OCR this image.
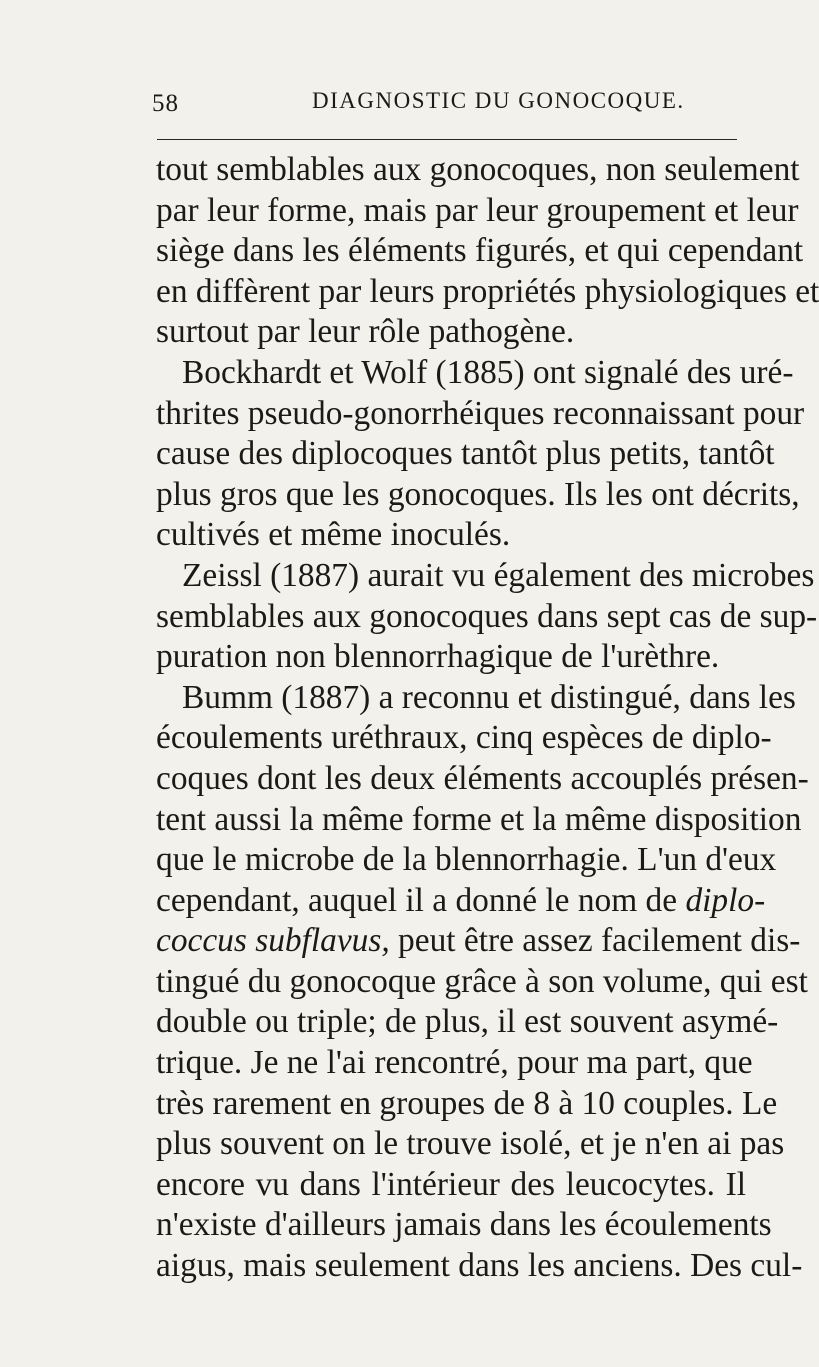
58	DIAGNOSTIC DU GONOCOQUE.
tout semblables aux gonocoques, non seulement
par leur forme, mais par leur groupement et leur
siège dans les éléments figurés, et qui cependant
en diffèrent par leurs propriétés physiologiques et
surtout par leur rôle pathogène.
Bockhardt et Wolf (1885) ont signalé des uré-
thrites pseudo-gonorrhéiques reconnaissant pour
cause des diplocoques tantôt plus petits, tantôt
plus gros que les gonocoques. Ils les ont décrits,
cultivés et même inoculés.
Zeissl (1887) aurait vu également des microbes
semblables aux gonocoques dans sept cas de sup-
puration non blennorrhagique de l'urèthre.
Bumm (1887) a reconnu et distingué, dans les
écoulements uréthraux, cinq espèces de diplo-
coques dont les deux éléments accouplés présen-
tent aussi la même forme et la même disposition
que le microbe de la blennorrhagie. L'un d'eux
cependant, auquel il a donné le nom de diplo-
coccus subflavus, peut être assez facilement dis-
tingué du gonocoque grâce à son volume, qui est
double ou triple; de plus, il est souvent asymé-
trique. Je ne l'ai rencontré, pour ma part, que
très rarement en groupes de 8 à 10 couples. Le
plus souvent on le trouve isolé, et je n'en ai pas
encore vu dans l'intérieur des leucocytes. Il
n'existe d'ailleurs jamais dans les écoulements
aigus, mais seulement dans les anciens. Des cul-
